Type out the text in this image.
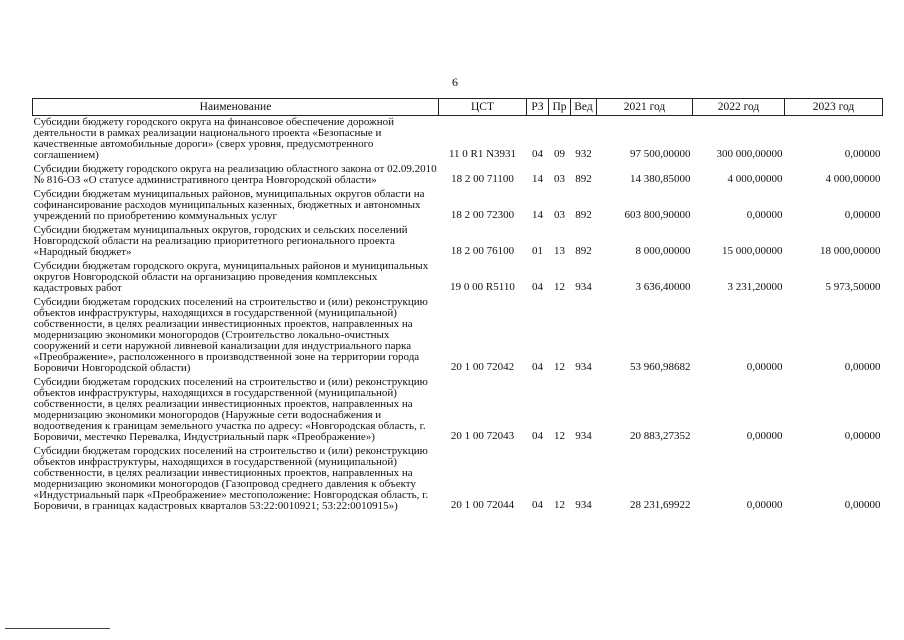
6
Наименование	ЦСТ	РЗ	Пр	Вед	2021 год	2022 год	2023 год
Субсидии бюджету городского округа на финансовое обеспечение дорожной деятельности в рамках реализации национального проекта «Безопасные и качественные автомобильные дороги» (сверх уровня, предусмотренного соглашением)	11 0 R1 N3931	04	09	932	97 500,00000	300 000,00000	0,00000
Субсидии бюджету городского округа на реализацию областного закона от 02.09.2010 № 816-ОЗ «О статусе административного центра Новгородской области»	18 2 00 71100	14	03	892	14 380,85000	4 000,00000	4 000,00000
Субсидии бюджетам муниципальных районов, муниципальных округов области на софинансирование расходов муниципальных казенных, бюджетных и автономных учреждений по приобретению коммунальных услуг	18 2 00 72300	14	03	892	603 800,90000	0,00000	0,00000
Субсидии бюджетам муниципальных округов, городских и сельских поселений Новгородской области на реализацию приоритетного регионального проекта «Народный бюджет»	18 2 00 76100	01	13	892	8 000,00000	15 000,00000	18 000,00000
Субсидии бюджетам городского округа, муниципальных районов и муниципальных округов Новгородской области на организацию проведения комплексных кадастровых работ	19 0 00 R5110	04	12	934	3 636,40000	3 231,20000	5 973,50000
Субсидии бюджетам городских поселений на строительство и (или) реконструкцию объектов инфраструктуры, находящихся в государственной (муниципальной) собственности, в целях реализации инвестиционных проектов, направленных на модернизацию экономики моногородов (Строительство локально-очистных сооружений и сети наружной ливневой канализации для индустриального парка «Преображение», расположенного в производственной зоне на территории города Боровичи Новгородской области)	20 1 00 72042	04	12	934	53 960,98682	0,00000	0,00000
Субсидии бюджетам городских поселений на строительство и (или) реконструкцию объектов инфраструктуры, находящихся в государственной (муниципальной) собственности, в целях реализации инвестиционных проектов, направленных на модернизацию экономики моногородов (Наружные сети водоснабжения и водоотведения к границам земельного участка по адресу: «Новгородская область, г. Боровичи, местечко Перевалка, Индустриальный парк «Преображение»)	20 1 00 72043	04	12	934	20 883,27352	0,00000	0,00000
Субсидии бюджетам городских поселений на строительство и (или) реконструкцию объектов инфраструктуры, находящихся в государственной (муниципальной) собственности, в целях реализации инвестиционных проектов, направленных на модернизацию экономики моногородов (Газопровод среднего давления к объекту «Индустриальный парк «Преображение» местоположение: Новгородская область, г. Боровичи, в границах кадастровых кварталов 53:22:0010921; 53:22:0010915»)	20 1 00 72044	04	12	934	28 231,69922	0,00000	0,00000
